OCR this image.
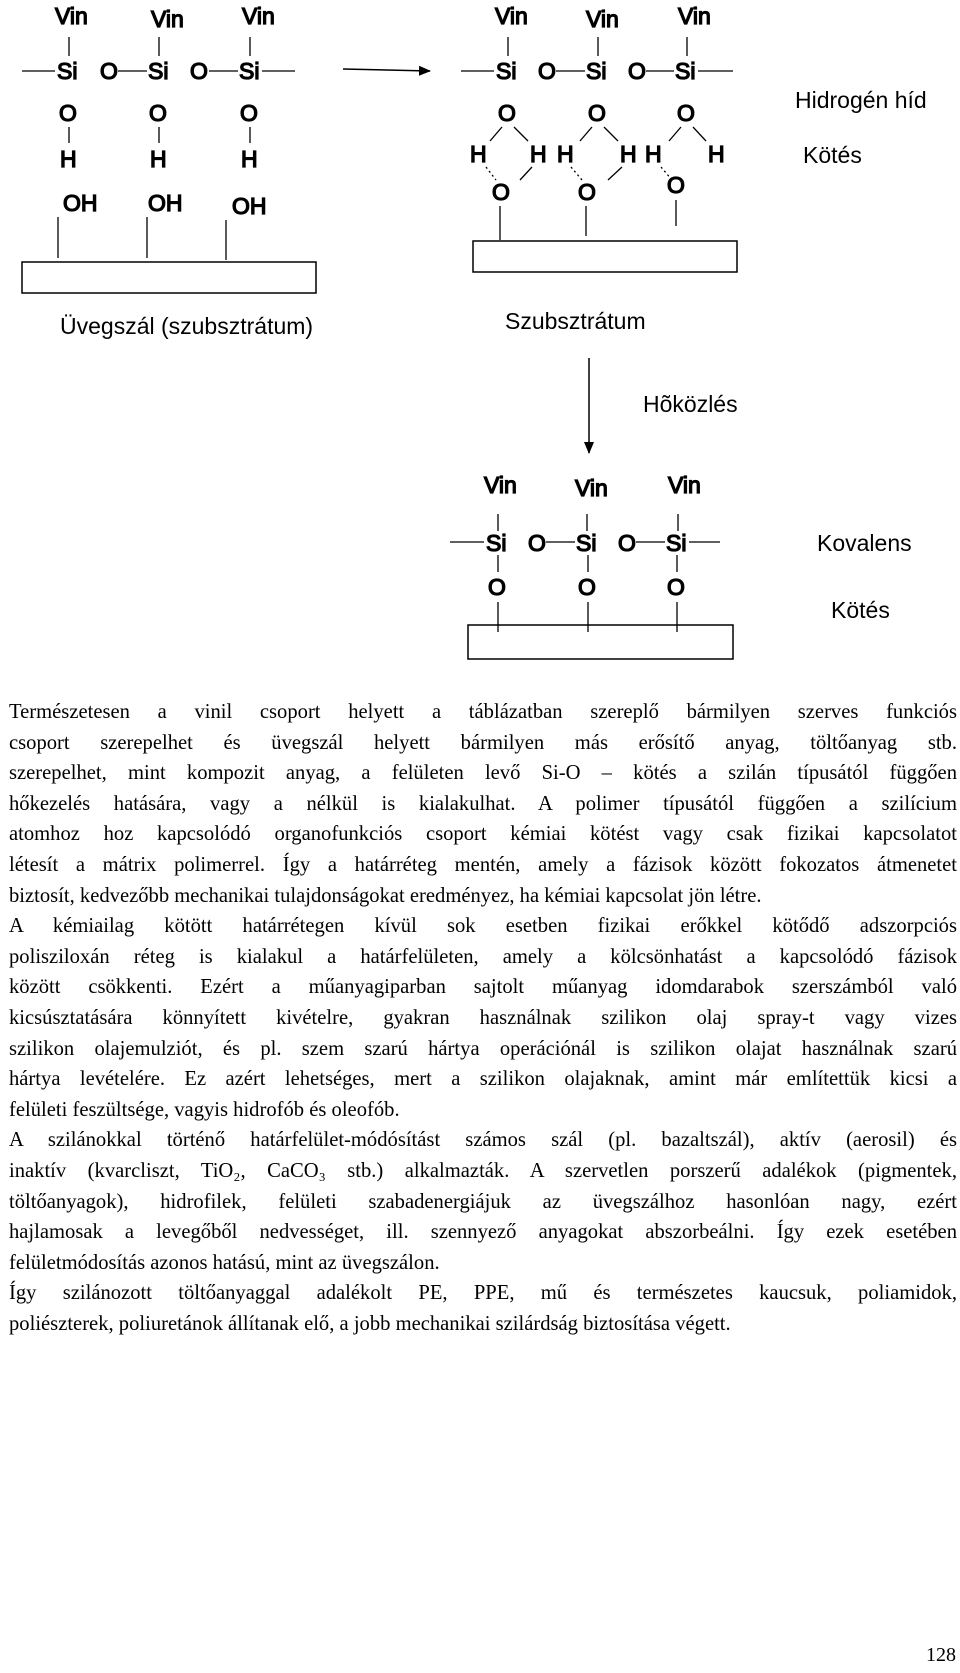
Vin	Vin	Vin
Si O Si O Si
O	O	O
H	H	H
OH OH OH
Üvegszál (szubsztrátum)
Vin	Vin	Vin
Si O Si O Si
O	O	O
H H H H H H
O	O	O
Szubsztrátum
Hidrogén híd
Kötés
Hõközlés
Vin	Vin	Vin
Si O Si O Si
O	O	O
Kovalens
Kötés

Természetesen a vinil csoport helyett a táblázatban szereplő bármilyen szerves funkciós
csoport szerepelhet és üvegszál helyett bármilyen más erősítő anyag, töltőanyag stb.
szerepelhet, mint kompozit anyag, a felületen levő Si-O – kötés a szilán típusától függően
hőkezelés hatására, vagy a nélkül is kialakulhat. A polimer típusától függően a szilícium
atomhoz hoz kapcsolódó organofunkciós csoport kémiai kötést vagy csak fizikai kapcsolatot
létesít a mátrix polimerrel. Így a határréteg mentén, amely a fázisok között fokozatos átmenetet
biztosít, kedvezőbb mechanikai tulajdonságokat eredményez, ha kémiai kapcsolat jön létre.

A kémiailag kötött határrétegen kívül sok esetben fizikai erőkkel kötődő adszorpciós
polisziloxán réteg is kialakul a határfelületen, amely a kölcsönhatást a kapcsolódó fázisok
között csökkenti. Ezért a műanyagiparban sajtolt műanyag idomdarabok szerszámból való
kicsúsztatására könnyített kivételre, gyakran használnak szilikon olaj spray-t vagy vizes
szilikon olajemulziót, és pl. szem szarú hártya operációnál is szilikon olajat használnak szarú
hártya levételére. Ez azért lehetséges, mert a szilikon olajaknak, amint már említettük kicsi a
felületi feszültsége, vagyis hidrofób és oleofób.

A szilánokkal történő határfelület-módósítást számos szál (pl. bazaltszál), aktív (aerosil) és
inaktív (kvarcliszt, TiO₂, CaCO₃ stb.) alkalmazták. A szervetlen porszerű adalékok (pigmentek,
töltőanyagok), hidrofilek, felületi szabadenergiájuk az üvegszálhoz hasonlóan nagy, ezért
hajlamosak a levegőből nedvességet, ill. szennyező anyagokat abszorbeálni. Így ezek esetében
felületmódosítás azonos hatású, mint az üvegszálon.

Így szilánozott töltőanyaggal adalékolt PE, PPE, mű és természetes kaucsuk, poliamidok,
poliészterek, poliuretánok állítanak elő, a jobb mechanikai szilárdság biztosítása végett.

128
